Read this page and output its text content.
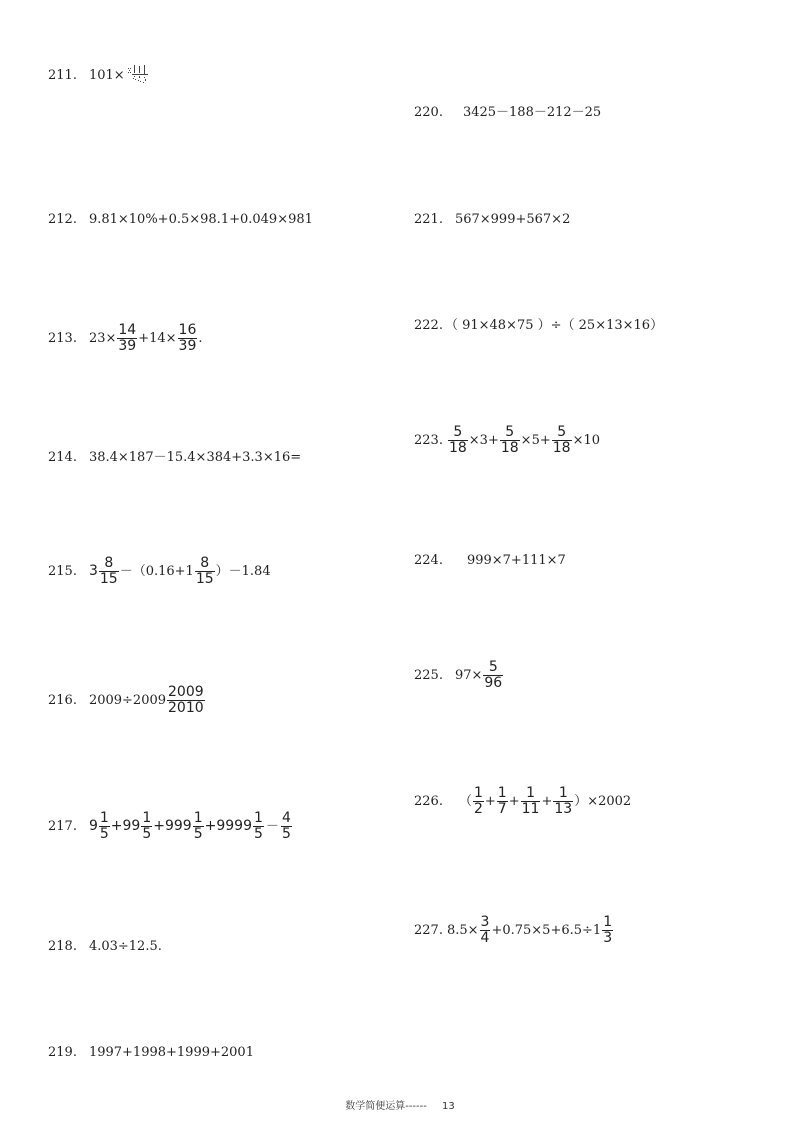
211. 101×
212. 9.81×10%+0.5×98.1+0.049×981
213. $23\times \frac{14}{39} +14\times \frac{16}{39}$ .
214. 38.4×187－15.4×384+3.3×16=
215. $3 \frac{8}{15} -(0.16+1 \frac{8}{15} )-1.84$
216. $2009\div 2009 \frac{2009}{2010}$
217. $9 \frac{1}{5} +99 \frac{1}{5} +999 \frac{1}{5} +9999 \frac{1}{5} - \frac{4}{5}$
218. 4.03÷12.5.
219. 1997+1998+1999+2001
220. 3425－188－212－25
221. 567×999+567×2
222. （ 91×48×75 ）÷（ 25×13×16）
223. $\frac{5}{18} \times 3+ \frac{5}{18} \times 5+ \frac{5}{18} \times 10$
224. 999×7+111×7
225. $97\times \frac{5}{96}$
226. （ $\frac{1}{2} + \frac{1}{7} + \frac{1}{11} + \frac{1}{13} )\times 2002$
227. $8.5\times \frac{3}{4} +0.75\times 5+6.5\div 1 \frac{1}{3}$
数学简便运算------ 13
